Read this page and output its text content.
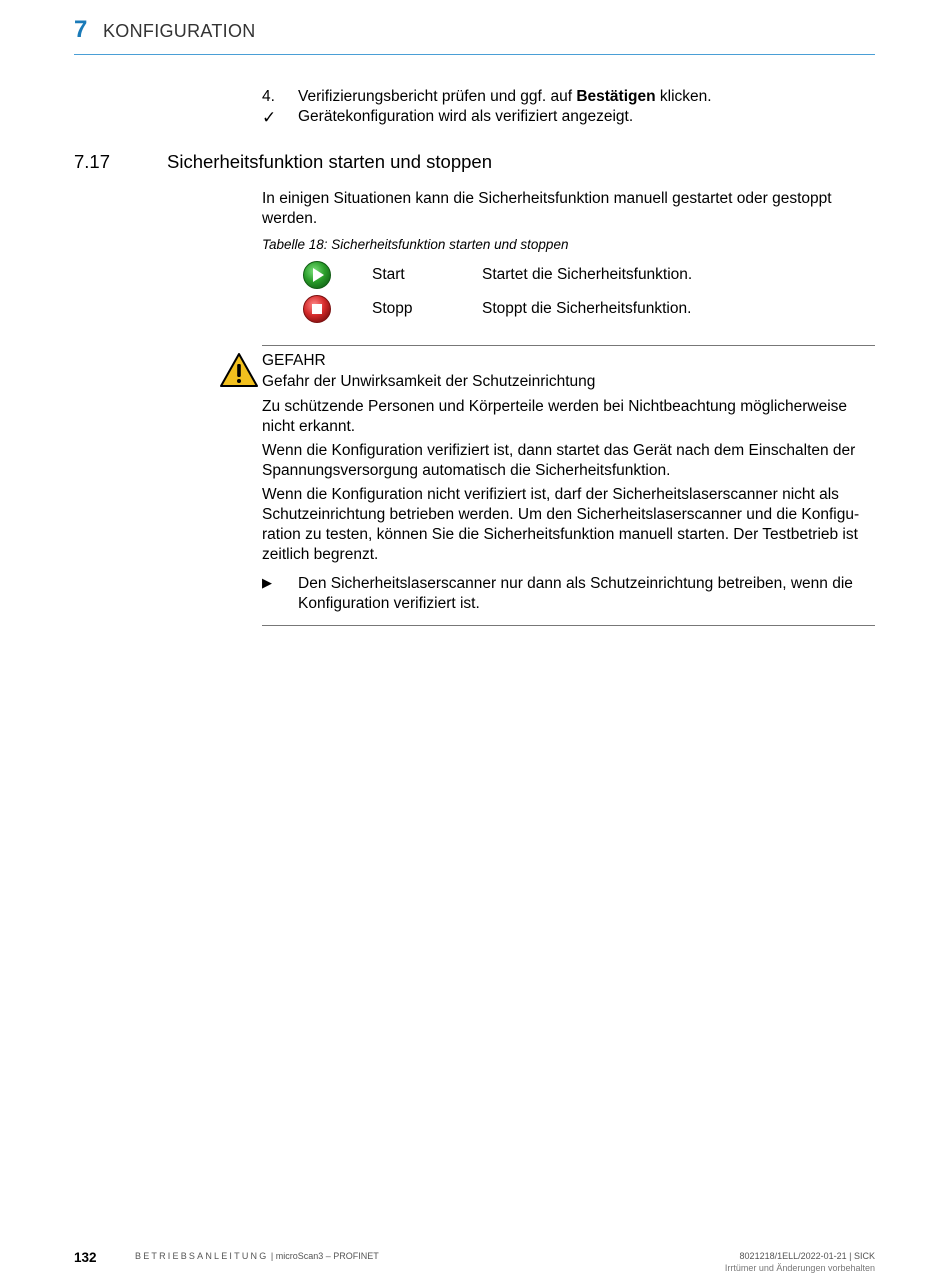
7 KONFIGURATION
4.	Verifizierungsbericht prüfen und ggf. auf Bestätigen klicken.
✓	Gerätekonfiguration wird als verifiziert angezeigt.
7.17	Sicherheitsfunktion starten und stoppen
In einigen Situationen kann die Sicherheitsfunktion manuell gestartet oder gestoppt werden.
Tabelle 18: Sicherheitsfunktion starten und stoppen
Start	Startet die Sicherheitsfunktion.
Stopp	Stoppt die Sicherheitsfunktion.
GEFAHR
Gefahr der Unwirksamkeit der Schutzeinrichtung
Zu schützende Personen und Körperteile werden bei Nichtbeachtung möglicherweise nicht erkannt.
Wenn die Konfiguration verifiziert ist, dann startet das Gerät nach dem Einschalten der Spannungsversorgung automatisch die Sicherheitsfunktion.
Wenn die Konfiguration nicht verifiziert ist, darf der Sicherheitslaserscanner nicht als Schutzeinrichtung betrieben werden. Um den Sicherheitslaserscanner und die Konfiguration zu testen, können Sie die Sicherheitsfunktion manuell starten. Der Testbetrieb ist zeitlich begrenzt.
▶ Den Sicherheitslaserscanner nur dann als Schutzeinrichtung betreiben, wenn die Konfiguration verifiziert ist.
132	BETRIEBSANLEITUNG | microScan3 – PROFINET	8021218/1ELL/2022-01-21 | SICK
Irrtümer und Änderungen vorbehalten
